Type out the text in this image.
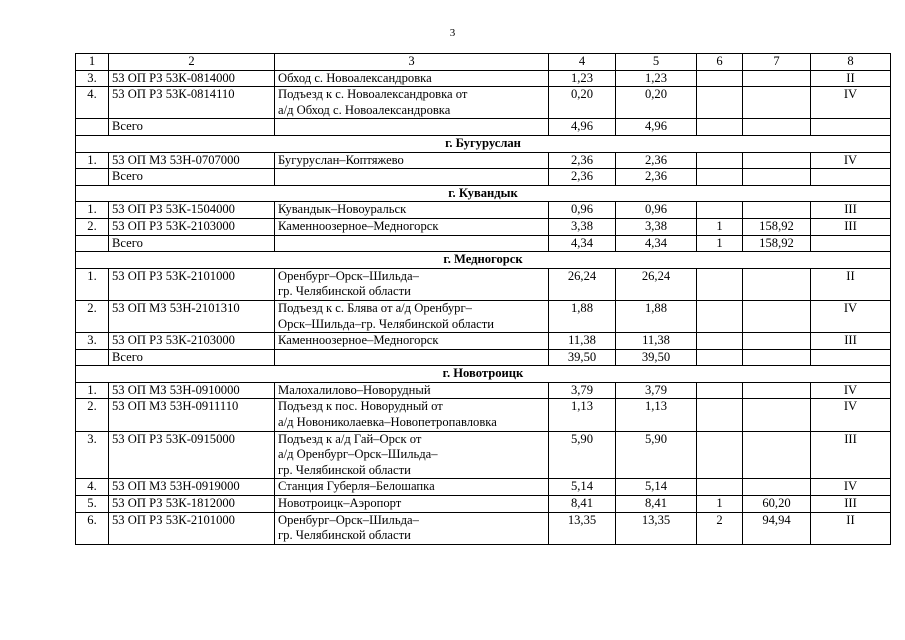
3
1	2	3	4	5	6	7	8
3.	53 ОП РЗ 53К-0814000	Обход с. Новоалександровка	1,23	1,23			II
4.	53 ОП РЗ 53К-0814110	Подъезд к с. Новоалександровка от
а/д Обход с. Новоалександровка	0,20	0,20			IV
	Всего		4,96	4,96			
г. Бугуруслан							
1.	53 ОП МЗ 53Н-0707000	Бугуруслан–Коптяжево	2,36	2,36			IV
	Всего		2,36	2,36			
г. Кувандык							
1.	53 ОП РЗ 53К-1504000	Кувандык–Новоуральск	0,96	0,96			III
2.	53 ОП РЗ 53К-2103000	Каменноозерное–Медногорск	3,38	3,38	1	158,92	III
	Всего		4,34	4,34	1	158,92	
г. Медногорск							
1.	53 ОП РЗ 53К-2101000	Оренбург–Орск–Шильда–
гр. Челябинской области	26,24	26,24			II
2.	53 ОП МЗ 53Н-2101310	Подъезд к с. Блява от а/д Оренбург–
Орск–Шильда–гр. Челябинской области	1,88	1,88			IV
3.	53 ОП РЗ 53К-2103000	Каменноозерное–Медногорск	11,38	11,38			III
	Всего		39,50	39,50			
г. Новотроицк							
1.	53 ОП МЗ 53Н-0910000	Малохалилово–Новорудный	3,79	3,79			IV
2.	53 ОП МЗ 53Н-0911110	Подъезд к пос. Новорудный от
а/д Новониколаевка–Новопетропавловка	1,13	1,13			IV
3.	53 ОП РЗ 53К-0915000	Подъезд к а/д Гай–Орск от
а/д Оренбург–Орск–Шильда–
гр. Челябинской области	5,90	5,90			III
4.	53 ОП МЗ 53Н-0919000	Станция Губерля–Белошапка	5,14	5,14			IV
5.	53 ОП РЗ 53К-1812000	Новотроицк–Аэропорт	8,41	8,41	1	60,20	III
6.	53 ОП РЗ 53К-2101000	Оренбург–Орск–Шильда–
гр. Челябинской области	13,35	13,35	2	94,94	II
